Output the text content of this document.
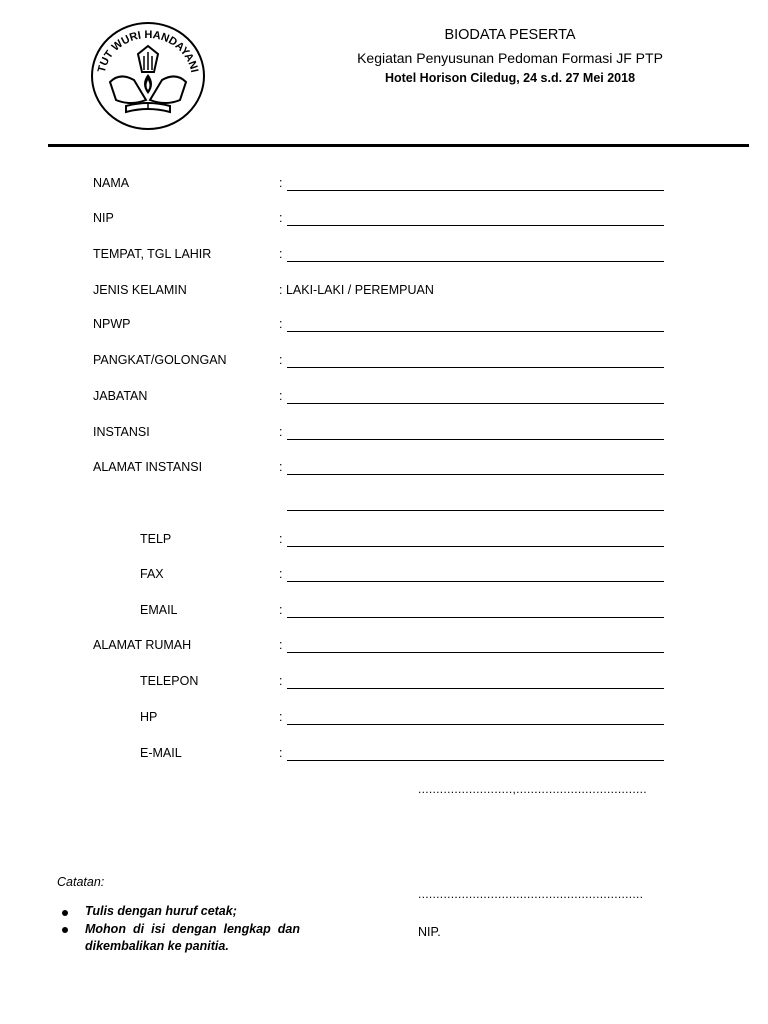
TUT WURI HANDAYANI
BIODATA PESERTA
Kegiatan Penyusunan Pedoman Formasi JF PTP
Hotel Horison Ciledug, 24 s.d. 27 Mei 2018
NAMA	:
NIP	:
TEMPAT, TGL LAHIR	:
JENIS KELAMIN	: LAKI-LAKI / PEREMPUAN
NPWP	:
PANGKAT/GOLONGAN	:
JABATAN	:
INSTANSI	:
ALAMAT INSTANSI	:
TELP	:
FAX	:
EMAIL	:
ALAMAT RUMAH	:
TELEPON	:
HP	:
E-MAIL	:
..........................,....................................
..............................................................
NIP.
Catatan:
Tulis dengan huruf cetak;
Mohon di isi dengan lengkap dan dikembalikan ke panitia.
